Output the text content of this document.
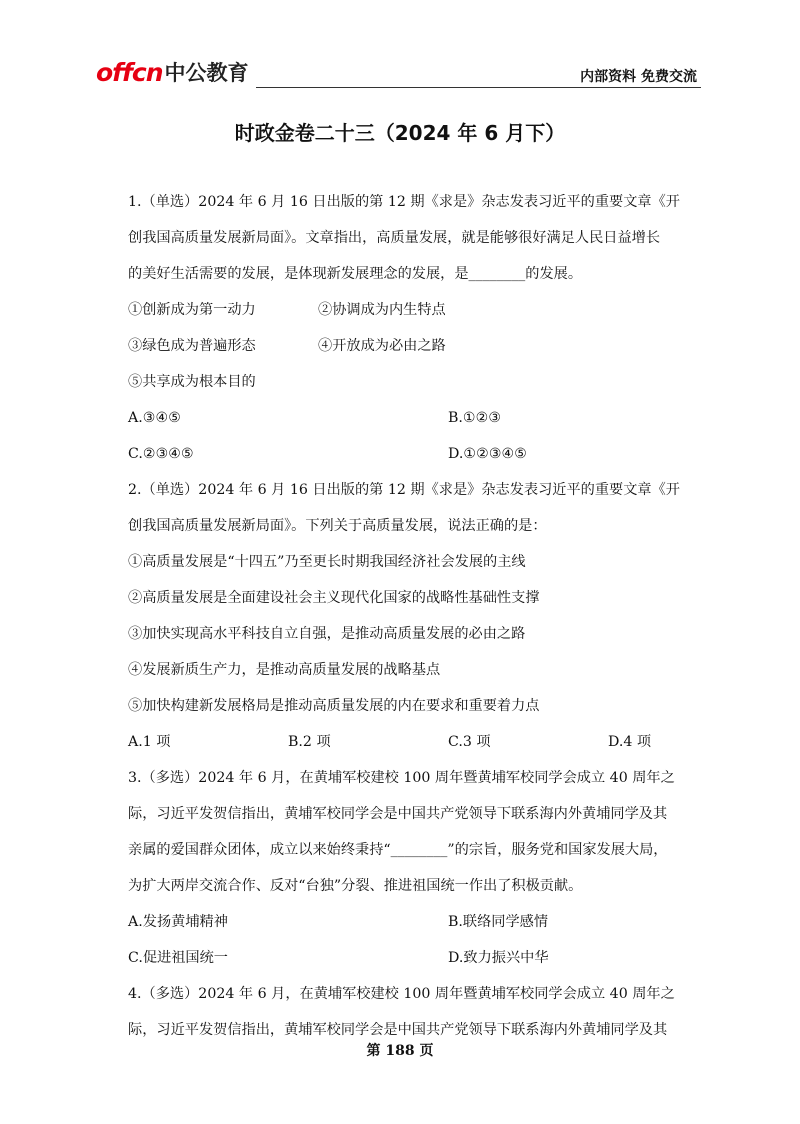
offcn 中公教育	内部资料 免费交流
时政金卷二十三（2024 年 6 月下）
1.（单选）2024 年 6 月 16 日出版的第 12 期《求是》杂志发表习近平的重要文章《开
创我国高质量发展新局面》。文章指出，高质量发展，就是能够很好满足人民日益增长
的美好生活需要的发展，是体现新发展理念的发展，是________的发展。
①创新成为第一动力	②协调成为内生特点
③绿色成为普遍形态	④开放成为必由之路
⑤共享成为根本目的
A.③④⑤	B.①②③
C.②③④⑤	D.①②③④⑤
2.（单选）2024 年 6 月 16 日出版的第 12 期《求是》杂志发表习近平的重要文章《开
创我国高质量发展新局面》。下列关于高质量发展，说法正确的是：
①高质量发展是“十四五”乃至更长时期我国经济社会发展的主线
②高质量发展是全面建设社会主义现代化国家的战略性基础性支撑
③加快实现高水平科技自立自强，是推动高质量发展的必由之路
④发展新质生产力，是推动高质量发展的战略基点
⑤加快构建新发展格局是推动高质量发展的内在要求和重要着力点
A.1 项	B.2 项	C.3 项	D.4 项
3.（多选）2024 年 6 月，在黄埔军校建校 100 周年暨黄埔军校同学会成立 40 周年之
际，习近平发贺信指出，黄埔军校同学会是中国共产党领导下联系海内外黄埔同学及其
亲属的爱国群众团体，成立以来始终秉持“________”的宗旨，服务党和国家发展大局，
为扩大两岸交流合作、反对“台独”分裂、推进祖国统一作出了积极贡献。
A.发扬黄埔精神	B.联络同学感情
C.促进祖国统一	D.致力振兴中华
4.（多选）2024 年 6 月，在黄埔军校建校 100 周年暨黄埔军校同学会成立 40 周年之
际，习近平发贺信指出，黄埔军校同学会是中国共产党领导下联系海内外黄埔同学及其
第 188 页
